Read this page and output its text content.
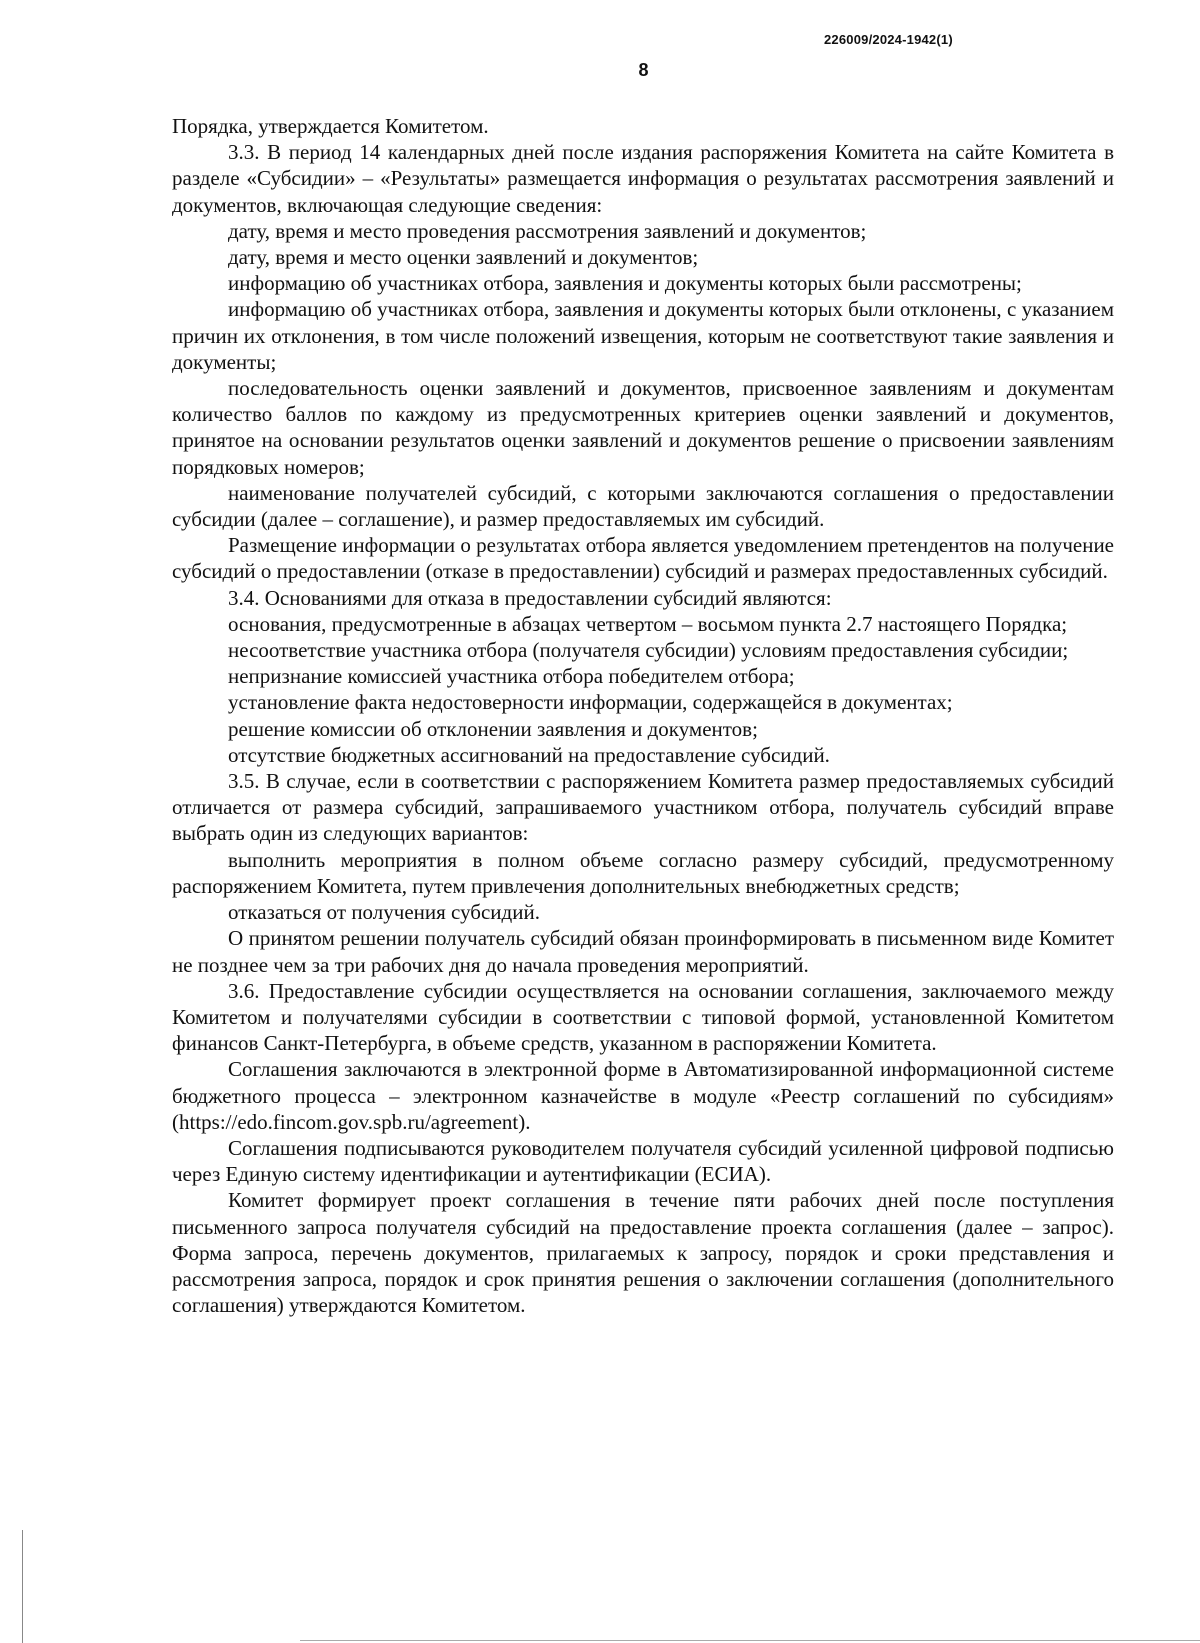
226009/2024-1942(1)
8

Порядка, утверждается Комитетом.

3.3. В период 14 календарных дней после издания распоряжения Комитета на сайте Комитета в разделе «Субсидии» – «Результаты» размещается информация о результатах рассмотрения заявлений и документов, включающая следующие сведения:

дату, время и место проведения рассмотрения заявлений и документов;

дату, время и место оценки заявлений и документов;

информацию об участниках отбора, заявления и документы которых были рассмотрены;

информацию об участниках отбора, заявления и документы которых были отклонены, с указанием причин их отклонения, в том числе положений извещения, которым не соответствуют такие заявления и документы;

последовательность оценки заявлений и документов, присвоенное заявлениям и документам количество баллов по каждому из предусмотренных критериев оценки заявлений и документов, принятое на основании результатов оценки заявлений и документов решение о присвоении заявлениям порядковых номеров;

наименование получателей субсидий, с которыми заключаются соглашения о предоставлении субсидии (далее – соглашение), и размер предоставляемых им субсидий.

Размещение информации о результатах отбора является уведомлением претендентов на получение субсидий о предоставлении (отказе в предоставлении) субсидий и размерах предоставленных субсидий.

3.4. Основаниями для отказа в предоставлении субсидий являются:

основания, предусмотренные в абзацах четвертом – восьмом пункта 2.7 настоящего Порядка;

несоответствие участника отбора (получателя субсидии) условиям предоставления субсидии;

непризнание комиссией участника отбора победителем отбора;

установление факта недостоверности информации, содержащейся в документах;

решение комиссии об отклонении заявления и документов;

отсутствие бюджетных ассигнований на предоставление субсидий.

3.5. В случае, если в соответствии с распоряжением Комитета размер предоставляемых субсидий отличается от размера субсидий, запрашиваемого участником отбора, получатель субсидий вправе выбрать один из следующих вариантов:

выполнить мероприятия в полном объеме согласно размеру субсидий, предусмотренному распоряжением Комитета, путем привлечения дополнительных внебюджетных средств;

отказаться от получения субсидий.

О принятом решении получатель субсидий обязан проинформировать в письменном виде Комитет не позднее чем за три рабочих дня до начала проведения мероприятий.

3.6. Предоставление субсидии осуществляется на основании соглашения, заключаемого между Комитетом и получателями субсидии в соответствии с типовой формой, установленной Комитетом финансов Санкт-Петербурга, в объеме средств, указанном в распоряжении Комитета.

Соглашения заключаются в электронной форме в Автоматизированной информационной системе бюджетного процесса – электронном казначействе в модуле «Реестр соглашений по субсидиям» (https://edo.fincom.gov.spb.ru/agreement).

Соглашения подписываются руководителем получателя субсидий усиленной цифровой подписью через Единую систему идентификации и аутентификации (ЕСИА).

Комитет формирует проект соглашения в течение пяти рабочих дней после поступления письменного запроса получателя субсидий на предоставление проекта соглашения (далее – запрос). Форма запроса, перечень документов, прилагаемых к запросу, порядок и сроки представления и рассмотрения запроса, порядок и срок принятия решения о заключении соглашения (дополнительного соглашения) утверждаются Комитетом.
